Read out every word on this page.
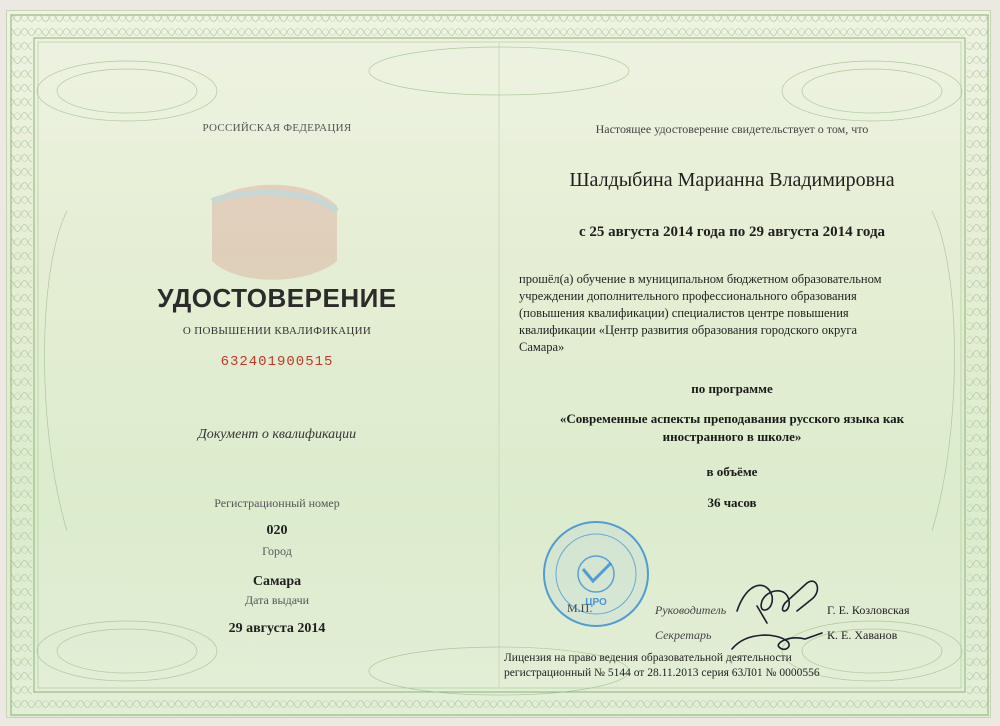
РОССИЙСКАЯ ФЕДЕРАЦИЯ
УДОСТОВЕРЕНИЕ
О ПОВЫШЕНИИ КВАЛИФИКАЦИИ
632401900515
Документ о квалификации
Регистрационный номер
020
Город
Самара
Дата выдачи
29 августа 2014
Настоящее удостоверение свидетельствует о том, что
Шалдыбина Марианна Владимировна
с 25 августа 2014 года по 29 августа 2014 года
прошёл(а) обучение в муниципальном бюджетном образовательном
учреждении дополнительного профессионального образования
(повышения квалификации) специалистов центре повышения
квалификации «Центр развития образования городского округа
Самара»
по программе
«Современные аспекты преподавания русского языка как
иностранного в школе»
в объёме
36 часов
ЦРО
М.П.	Руководитель	Г. Е. Козловская
Секретарь	К. Е. Хаванов
Лицензия на право ведения образовательной деятельности
регистрационный № 5144 от 28.11.2013 серия 63Л01 № 0000556
